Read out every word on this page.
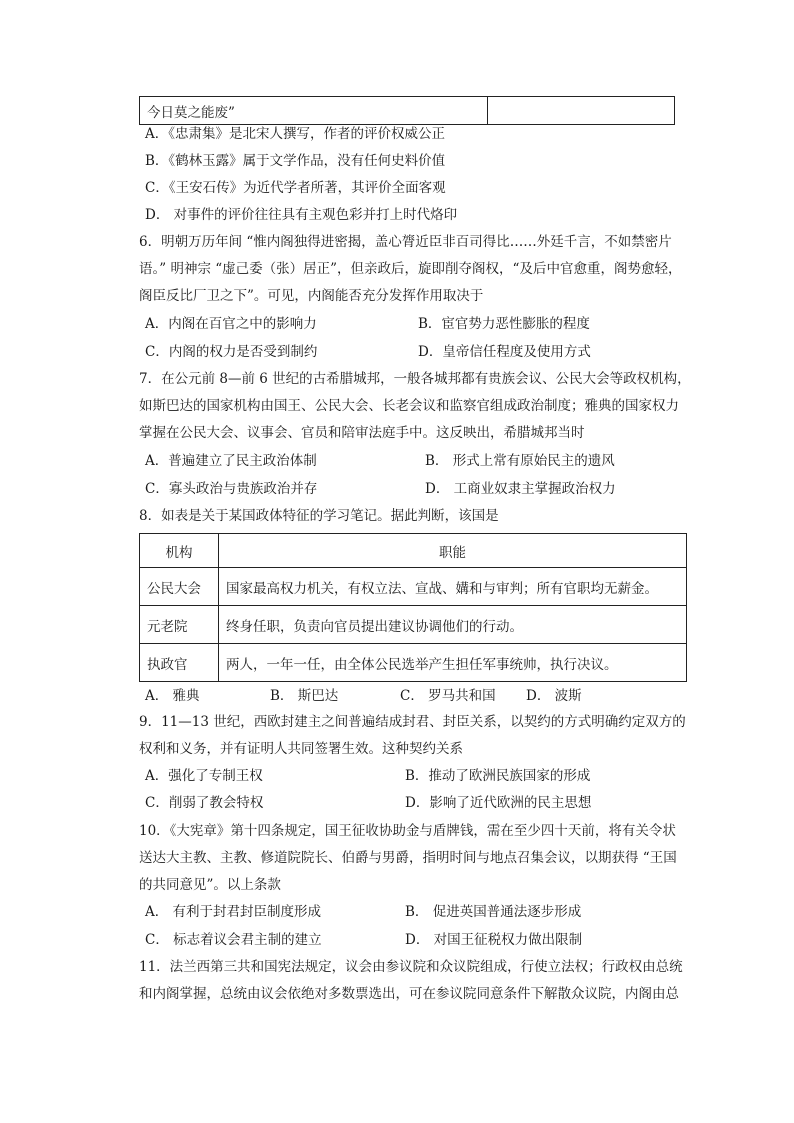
今日莫之能废”	
A．《忠肃集》是北宋人撰写，作者的评价权威公正
B．《鹤林玉露》属于文学作品，没有任何史料价值
C．《王安石传》为近代学者所著，其评价全面客观
D． 对事件的评价往往具有主观色彩并打上时代烙印
6．明朝万历年间 “惟内阁独得进密揭，盖心膂近臣非百司得比……外廷千言，不如禁密片
语。” 明神宗 “虚己委（张）居正”，但亲政后，旋即削夺阁权，“及后中官愈重，阁势愈轻，
阁臣反比厂卫之下”。可见，内阁能否充分发挥作用取决于
A．内阁在百官之中的影响力	B．宦官势力恶性膨胀的程度
C．内阁的权力是否受到制约	D．皇帝信任程度及使用方式
7．在公元前 8—前 6 世纪的古希腊城邦，一般各城邦都有贵族会议、公民大会等政权机构，
如斯巴达的国家机构由国王、公民大会、长老会议和监察官组成政治制度；雅典的国家权力
掌握在公民大会、议事会、官员和陪审法庭手中。这反映出，希腊城邦当时
A．普遍建立了民主政治体制	B． 形式上常有原始民主的遗风
C．寡头政治与贵族政治并存	D． 工商业奴隶主掌握政治权力
8．如表是关于某国政体特征的学习笔记。据此判断，该国是
机构	职能
公民大会	国家最高权力机关，有权立法、宣战、媾和与审判；所有官职均无薪金。
元老院	终身任职，负责向官员提出建议协调他们的行动。
执政官	两人，一年一任，由全体公民选举产生担任军事统帅，执行决议。
A． 雅典	B． 斯巴达	C． 罗马共和国 D． 波斯
9．11—13 世纪，西欧封建主之间普遍结成封君、封臣关系，以契约的方式明确约定双方的
权利和义务，并有证明人共同签署生效。这种契约关系
A．强化了专制王权	B．推动了欧洲民族国家的形成
C．削弱了教会特权	D．影响了近代欧洲的民主思想
10．《大宪章》第十四条规定，国王征收协助金与盾牌钱，需在至少四十天前，将有关令状
送达大主教、主教、修道院院长、伯爵与男爵，指明时间与地点召集会议，以期获得 “王国
的共同意见”。以上条款
A． 有利于封君封臣制度形成	B． 促进英国普通法逐步形成
C． 标志着议会君主制的建立	D． 对国王征税权力做出限制
11．法兰西第三共和国宪法规定，议会由参议院和众议院组成，行使立法权；行政权由总统
和内阁掌握，总统由议会依绝对多数票选出，可在参议院同意条件下解散众议院，内阁由总
